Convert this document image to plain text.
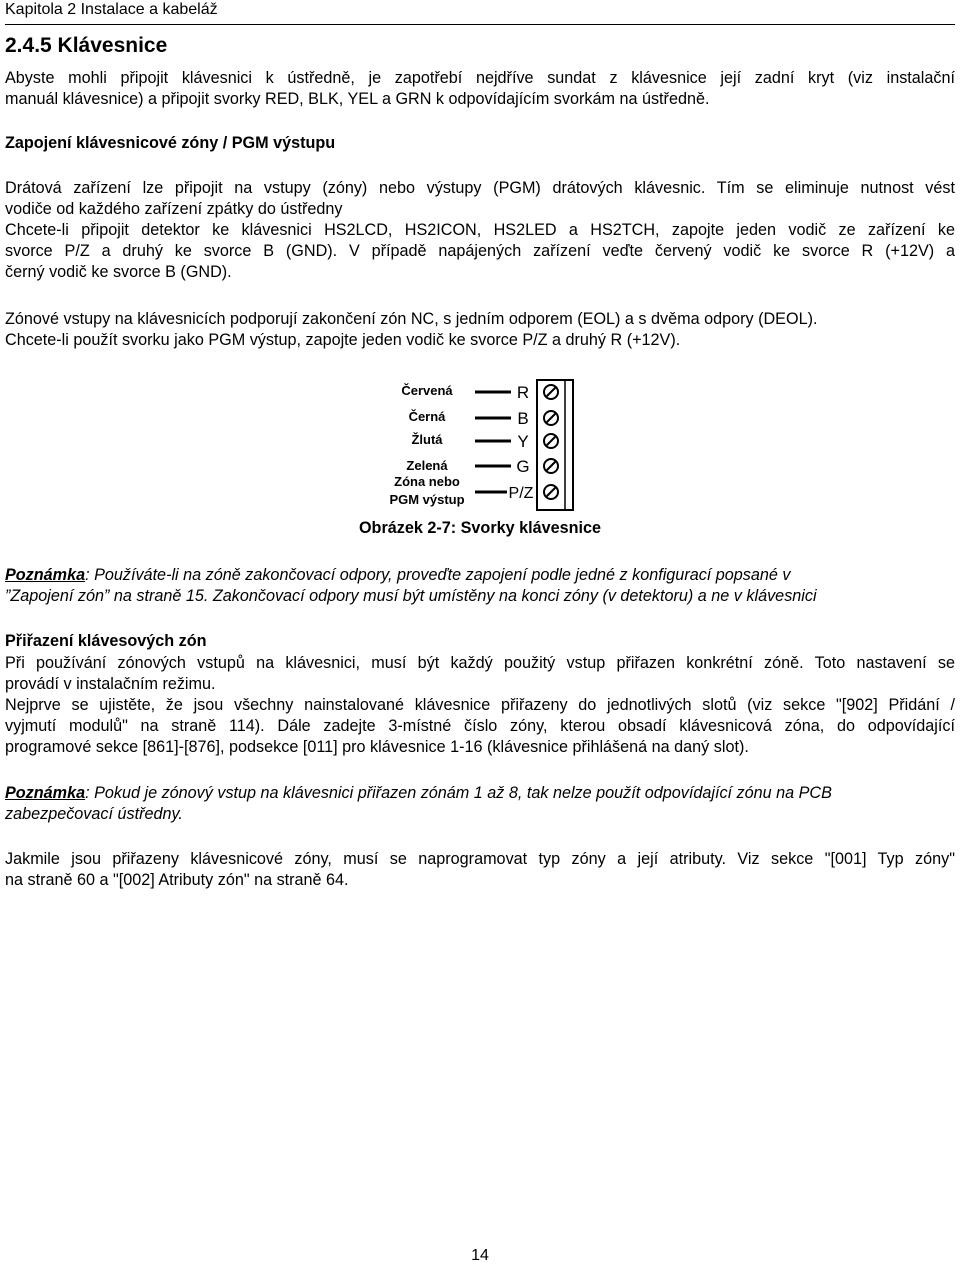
Kapitola 2 Instalace a kabeláž
2.4.5 Klávesnice

Abyste mohli připojit klávesnici k ústředně, je zapotřebí nejdříve sundat z klávesnice její zadní kryt (viz instalační

manuál klávesnice) a připojit svorky RED, BLK, YEL a GRN k odpovídajícím svorkám na ústředně.

Zapojení klávesnicové zóny / PGM výstupu

Drátová zařízení lze připojit na vstupy (zóny) nebo výstupy (PGM) drátových klávesnic. Tím se eliminuje nutnost vést

vodiče od každého zařízení zpátky do ústředny

Chcete-li připojit detektor ke klávesnici HS2LCD, HS2ICON, HS2LED a HS2TCH, zapojte jeden vodič ze zařízení ke

svorce P/Z a druhý ke svorce B (GND). V případě napájených zařízení veďte červený vodič ke svorce R (+12V) a

černý vodič ke svorce B (GND).

Zónové vstupy na klávesnicích podporují zakončení zón NC, s jedním odporem (EOL) a s dvěma odpory (DEOL).

Chcete-li použít svorku jako PGM výstup, zapojte jeden vodič ke svorce P/Z a druhý R (+12V).

Červená
Černá
Žlutá
Zelená
Zóna nebo
PGM výstup
R
B
Y
G
P/Z
Obrázek 2-7: Svorky klávesnice

Poznámka: Používáte-li na zóně zakončovací odpory, proveďte zapojení podle jedné z konfigurací popsané v

”Zapojení zón” na straně 15. Zakončovací odpory musí být umístěny na konci zóny (v detektoru) a ne v klávesnici

Přiřazení klávesových zón

Při používání zónových vstupů na klávesnici, musí být každý použitý vstup přiřazen konkrétní zóně. Toto nastavení se

provádí v instalačním režimu.

Nejprve se ujistěte, že jsou všechny nainstalované klávesnice přiřazeny do jednotlivých slotů (viz sekce "[902] Přidání /

vyjmutí modulů" na straně 114). Dále zadejte 3-místné číslo zóny, kterou obsadí klávesnicová zóna, do odpovídající

programové sekce [861]-[876], podsekce [011] pro klávesnice 1-16 (klávesnice přihlášená na daný slot).

Poznámka: Pokud je zónový vstup na klávesnici přiřazen zónám 1 až 8, tak nelze použít odpovídající zónu na PCB

zabezpečovací ústředny.

Jakmile jsou přiřazeny klávesnicové zóny, musí se naprogramovat typ zóny a její atributy. Viz sekce "[001] Typ zóny"

na straně 60 a "[002] Atributy zón" na straně 64.

14
